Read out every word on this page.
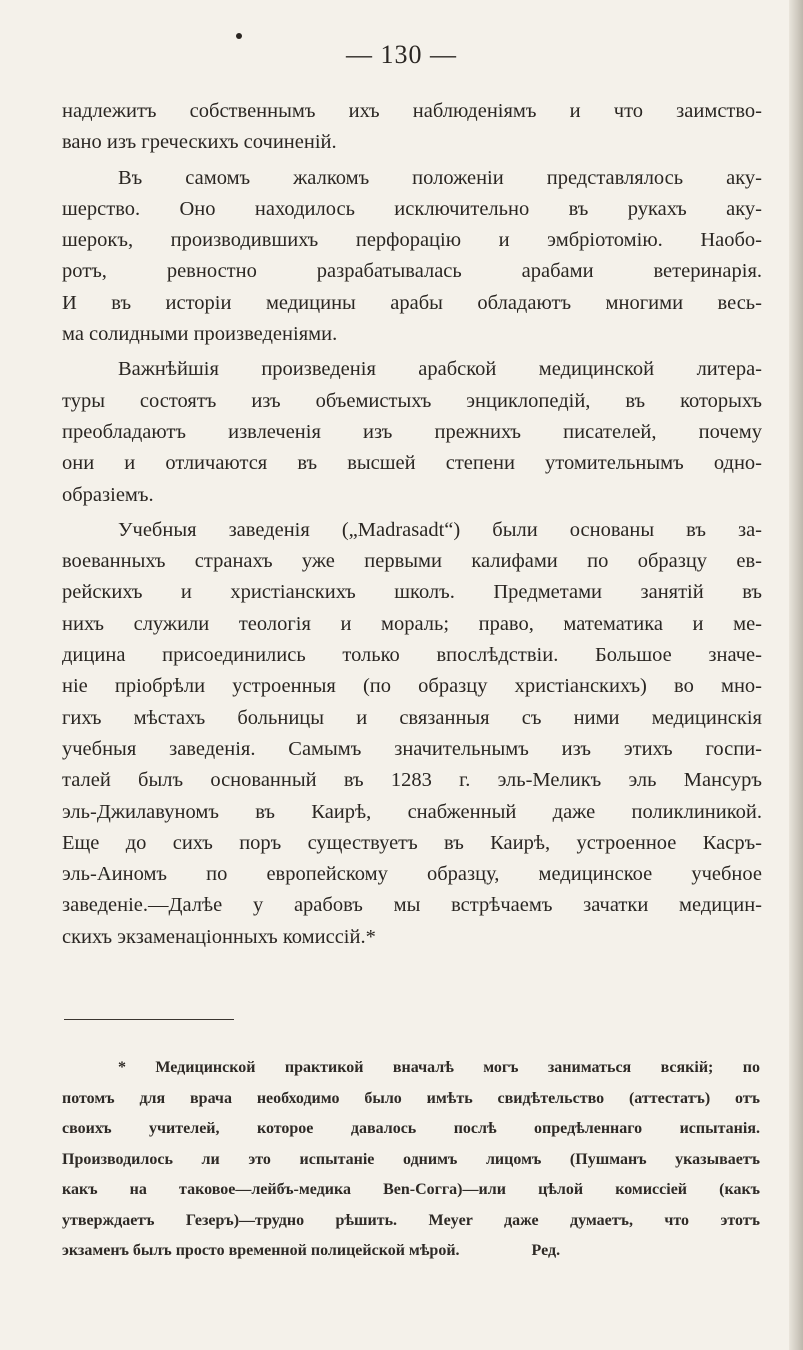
— 130 —

надлежитъ собственнымъ ихъ наблюденіямъ и что заимство-
вано изъ греческихъ сочиненій.

Въ самомъ жалкомъ положеніи представлялось аку-
шерство. Оно находилось исключительно въ рукахъ аку-
шерокъ, производившихъ перфорацію и эмбріотомію. Наобо-
ротъ, ревностно разрабатывалась арабами ветеринарія.
И въ исторіи медицины арабы обладаютъ многими весь-
ма солидными произведеніями.

Важнѣйшія произведенія арабской медицинской литера-
туры состоятъ изъ объемистыхъ энциклопедій, въ которыхъ
преобладаютъ извлеченія изъ прежнихъ писателей, почему
они и отличаются въ высшей степени утомительнымъ одно-
образіемъ.

Учебныя заведенія („Madrasadt“) были основаны въ за-
воеванныхъ странахъ уже первыми калифами по образцу ев-
рейскихъ и христіанскихъ школъ. Предметами занятій въ
нихъ служили теологія и мораль; право, математика и ме-
дицина присоединились только впослѣдствіи. Большое значе-
ніе пріобрѣли устроенныя (по образцу христіанскихъ) во мно-
гихъ мѣстахъ больницы и связанныя съ ними медицинскія
учебныя заведенія. Самымъ значительнымъ изъ этихъ госпи-
талей былъ основанный въ 1283 г. эль-Меликъ эль Мансуръ
эль-Джилавуномъ въ Каирѣ, снабженный даже поликлиникой.
Еще до сихъ поръ существуетъ въ Каирѣ, устроенное Касръ-
эль-Аиномъ по европейскому образцу, медицинское учебное
заведеніе.—Далѣе у арабовъ мы встрѣчаемъ зачатки медицин-
скихъ экзаменаціонныхъ комиссій.*

* Медицинской практикой вначалѣ могъ заниматься всякій; по
потомъ для врача необходимо было имѣть свидѣтельство (аттестатъ) отъ
своихъ учителей, которое давалось послѣ опредѣленнаго испытанія.
Производилось ли это испытаніе однимъ лицомъ (Пушманъ указываетъ
какъ на таковое—лейбъ-медика Ben-Cогга)—или цѣлой комиссіей (какъ
утверждаетъ Гезеръ)—трудно рѣшить. Meyer даже думаетъ, что этотъ
экзаменъ былъ просто временной полицейской мѣрой.	Ред.
